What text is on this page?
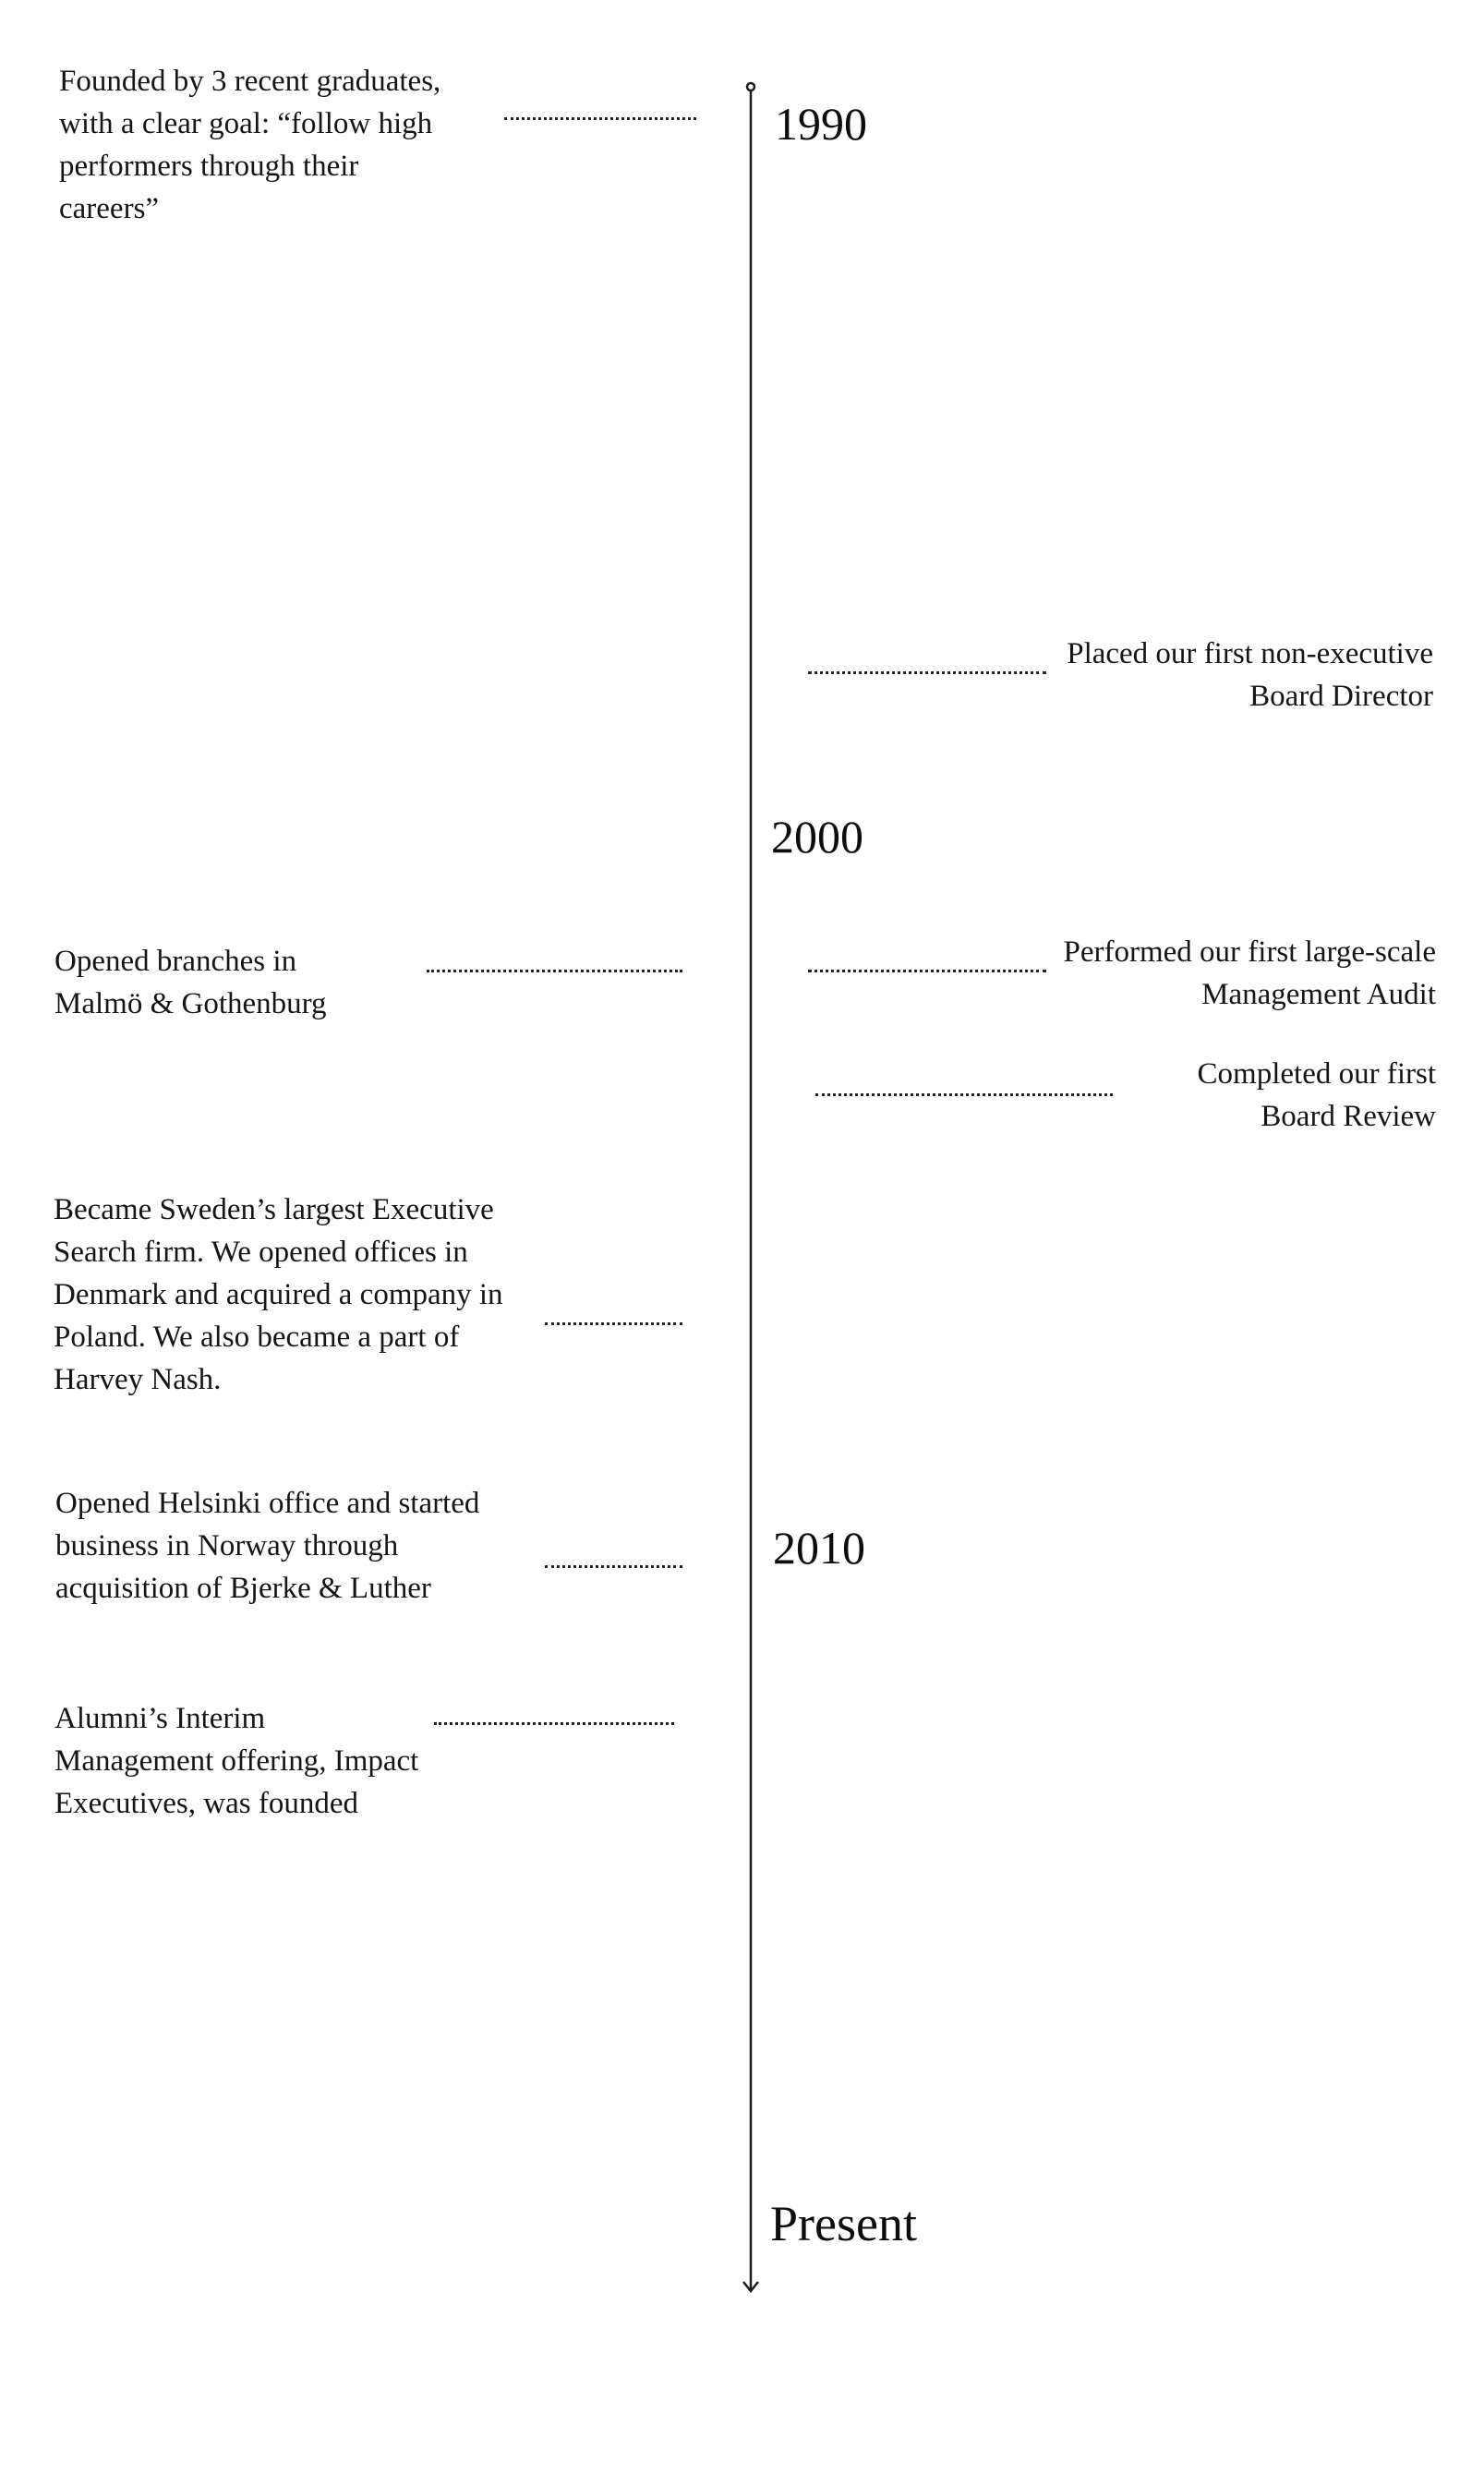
1990
2000
2010
Present

Founded by 3 recent graduates, with a clear goal: “follow high performers through their careers”

Opened branches in Malmö & Gothenburg

Became Sweden’s largest Executive Search firm. We opened offices in Denmark and acquired a company in Poland. We also became a part of Harvey Nash.

Opened Helsinki office and started business in Norway through acquisition of Bjerke & Luther

Alumni’s Interim Management offering, Impact Executives, was founded

Placed our first non-executive Board Director

Performed our first large-scale Management Audit

Completed our first Board Review
